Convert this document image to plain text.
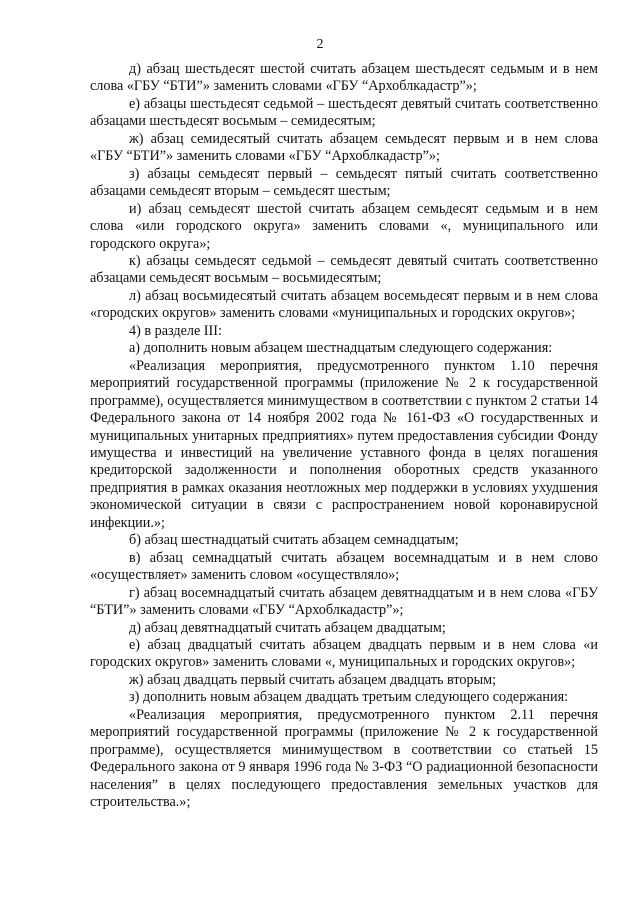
2

д) абзац шестьдесят шестой считать абзацем шестьдесят седьмым и в нем слова «ГБУ “БТИ”» заменить словами «ГБУ “Архоблкадастр”»;

е) абзацы шестьдесят седьмой – шестьдесят девятый считать соответственно абзацами шестьдесят восьмым – семидесятым;

ж) абзац семидесятый считать абзацем семьдесят первым и в нем слова «ГБУ “БТИ”» заменить словами «ГБУ “Архоблкадастр”»;

з) абзацы семьдесят первый – семьдесят пятый считать соответственно абзацами семьдесят вторым – семьдесят шестым;

и) абзац семьдесят шестой считать абзацем семьдесят седьмым и в нем слова «или городского округа» заменить словами «, муниципального или городского округа»;

к) абзацы семьдесят седьмой – семьдесят девятый считать соответственно абзацами семьдесят восьмым – восьмидесятым;

л) абзац восьмидесятый считать абзацем восемьдесят первым и в нем слова «городских округов» заменить словами «муниципальных и городских округов»;

4) в разделе III:

а) дополнить новым абзацем шестнадцатым следующего содержания:

«Реализация мероприятия, предусмотренного пунктом 1.10 перечня мероприятий государственной программы (приложение № 2 к государственной программе), осуществляется минимуществом в соответствии с пунктом 2 статьи 14 Федерального закона от 14 ноября 2002 года № 161-ФЗ «О государственных и муниципальных унитарных предприятиях» путем предоставления субсидии Фонду имущества и инвестиций на увеличение уставного фонда в целях погашения кредиторской задолженности и пополнения оборотных средств указанного предприятия в рамках оказания неотложных мер поддержки в условиях ухудшения экономической ситуации в связи с распространением новой коронавирусной инфекции.»;

б) абзац шестнадцатый считать абзацем семнадцатым;

в) абзац семнадцатый считать абзацем восемнадцатым и в нем слово «осуществляет» заменить словом «осуществляло»;

г) абзац восемнадцатый считать абзацем девятнадцатым и в нем слова «ГБУ “БТИ”» заменить словами «ГБУ “Архоблкадастр”»;

д) абзац девятнадцатый считать абзацем двадцатым;

е) абзац двадцатый считать абзацем двадцать первым и в нем слова «и городских округов» заменить словами «, муниципальных и городских округов»;

ж) абзац двадцать первый считать абзацем двадцать вторым;

з) дополнить новым абзацем двадцать третьим следующего содержания:

«Реализация мероприятия, предусмотренного пунктом 2.11 перечня мероприятий государственной программы (приложение № 2 к государственной программе), осуществляется минимуществом в соответствии со статьей 15 Федерального закона от 9 января 1996 года № 3-ФЗ “О радиационной безопасности населения” в целях последующего предоставления земельных участков для строительства.»;
